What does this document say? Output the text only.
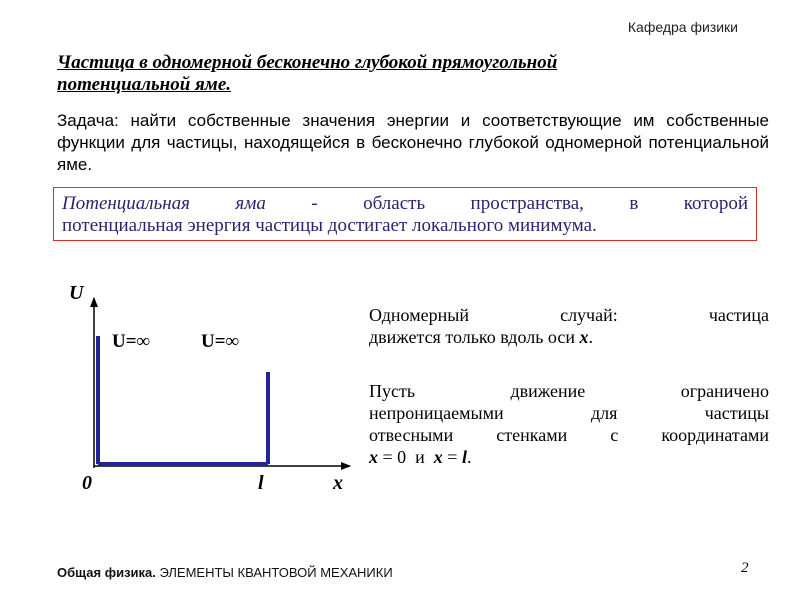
Кафедра физики
Частица в одномерной бесконечно глубокой прямоугольной
потенциальной яме.
Задача: найти собственные значения энергии и соответствующие им собственные функции для частицы, находящейся в бесконечно глубокой одномерной потенциальной яме.
Потенциальная яма - область пространства, в которой
потенциальная энергия частицы достигает локального минимума.
U
U=∞	U=∞
0	l	x
Одномерный случай: частица
движется только вдоль оси x.
Пусть движение ограничено
непроницаемыми для частицы
отвесными стенками с координатами
x = 0  и  x = l.
Общая физика. ЭЛЕМЕНТЫ КВАНТОВОЙ МЕХАНИКИ	2
